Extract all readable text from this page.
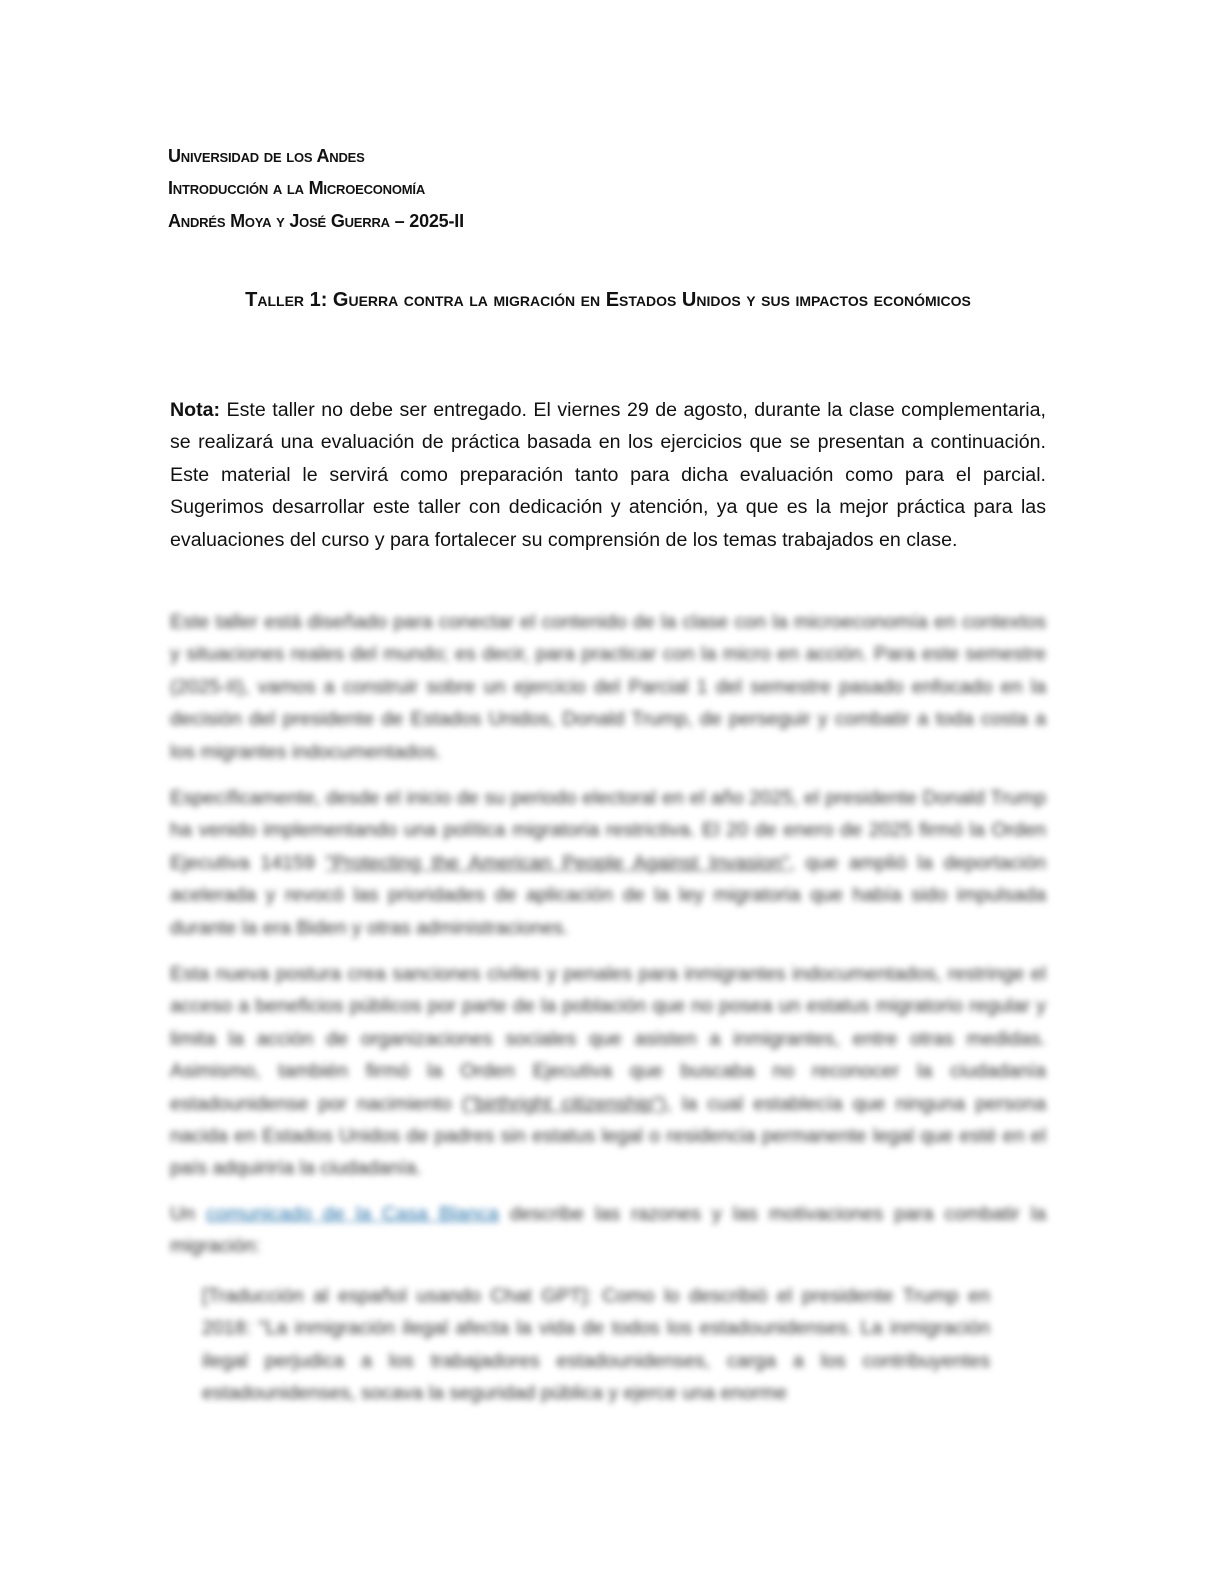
Universidad de los Andes
Introducción a la Microeconomía
Andrés Moya y José Guerra – 2025-II
Taller 1: Guerra contra la migración en Estados Unidos y sus impactos económicos
Nota: Este taller no debe ser entregado. El viernes 29 de agosto, durante la clase complementaria, se realizará una evaluación de práctica basada en los ejercicios que se presentan a continuación. Este material le servirá como preparación tanto para dicha evaluación como para el parcial. Sugerimos desarrollar este taller con dedicación y atención, ya que es la mejor práctica para las evaluaciones del curso y para fortalecer su comprensión de los temas trabajados en clase.
Este taller está diseñado para conectar el contenido de la clase con la microeconomía en contextos y situaciones reales del mundo; es decir, para practicar con la micro en acción. Para este semestre (2025-II), vamos a construir sobre un ejercicio del Parcial 1 del semestre pasado enfocado en la decisión del presidente de Estados Unidos, Donald Trump, de perseguir y combatir a toda costa a los migrantes indocumentados.
Específicamente, desde el inicio de su periodo electoral en el año 2025, el presidente Donald Trump ha venido implementando una política migratoria restrictiva. El 20 de enero de 2025 firmó la Orden Ejecutiva 14159 "Protecting the American People Against Invasion", que amplió la deportación acelerada y revocó las prioridades de aplicación de la ley migratoria que había sido impulsada durante la era Biden y otras administraciones.
Esta nueva postura crea sanciones civiles y penales para inmigrantes indocumentados, restringe el acceso a beneficios públicos por parte de la población que no posea un estatus migratorio regular y limita la acción de organizaciones sociales que asisten a inmigrantes, entre otras medidas. Asimismo, también firmó la Orden Ejecutiva que buscaba no reconocer la ciudadanía estadounidense por nacimiento ("birthright citizenship"), la cual establecía que ninguna persona nacida en Estados Unidos de padres sin estatus legal o residencia permanente legal que esté en el país adquiriría la ciudadanía.
Un comunicado de la Casa Blanca describe las razones y las motivaciones para combatir la migración:
[Traducción al español usando Chat GPT]: Como lo describió el presidente Trump en 2018: "La inmigración ilegal afecta la vida de todos los estadounidenses. La inmigración ilegal perjudica a los trabajadores estadounidenses, carga a los contribuyentes estadounidenses, socava la seguridad pública y ejerce una enorme
